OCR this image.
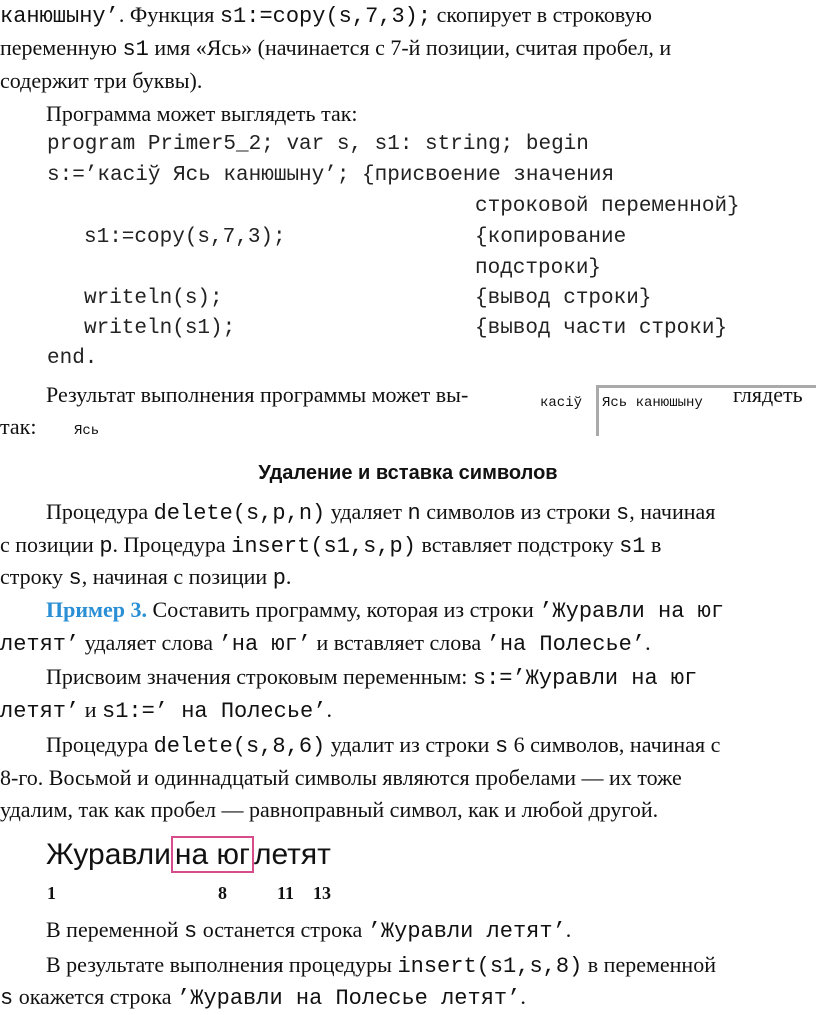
канюшыну’. Функция s1:=copy(s,7,3); скопирует в строковую
переменную s1 имя «Ясь» (начинается с 7-й позиции, считая пробел, и
содержит три буквы).
Программа может выглядеть так:
program Primer5_2; var s, s1: string; begin
s:=’касіў Ясь канюшыну’; {присвоение значения
строковой переменной}
s1:=copy(s,7,3);	{копирование
подстроки}
writeln(s);	{вывод строки}
writeln(s1);	{вывод части строки}
end.
Результат выполнения программы может вы-	глядеть
так:
касіў Ясь канюшыну
Ясь
Удаление и вставка символов
Процедура delete(s,p,n) удаляет n символов из строки s, начиная
с позиции p. Процедура insert(s1,s,p) вставляет подстроку s1 в
строку s, начиная с позиции p.
Пример 3. Составить программу, которая из строки ’Журавли на юг
летят’ удаляет слова ’на юг’ и вставляет слова ’на Полесье’.
Присвоим значения строковым переменным: s:=’Журавли на юг
летят’ и s1:=’ на Полесье’.
Процедура delete(s,8,6) удалит из строки s 6 символов, начиная с
8-го. Восьмой и одиннадцатый символы являются пробелами — их тоже
удалим, так как пробел — равноправный символ, как и любой другой.
Журавли на юг летят
1	8	11 13
В переменной s останется строка ’Журавли летят’.
В результате выполнения процедуры insert(s1,s,8) в переменной
s окажется строка ’Журавли на Полесье летят’.
